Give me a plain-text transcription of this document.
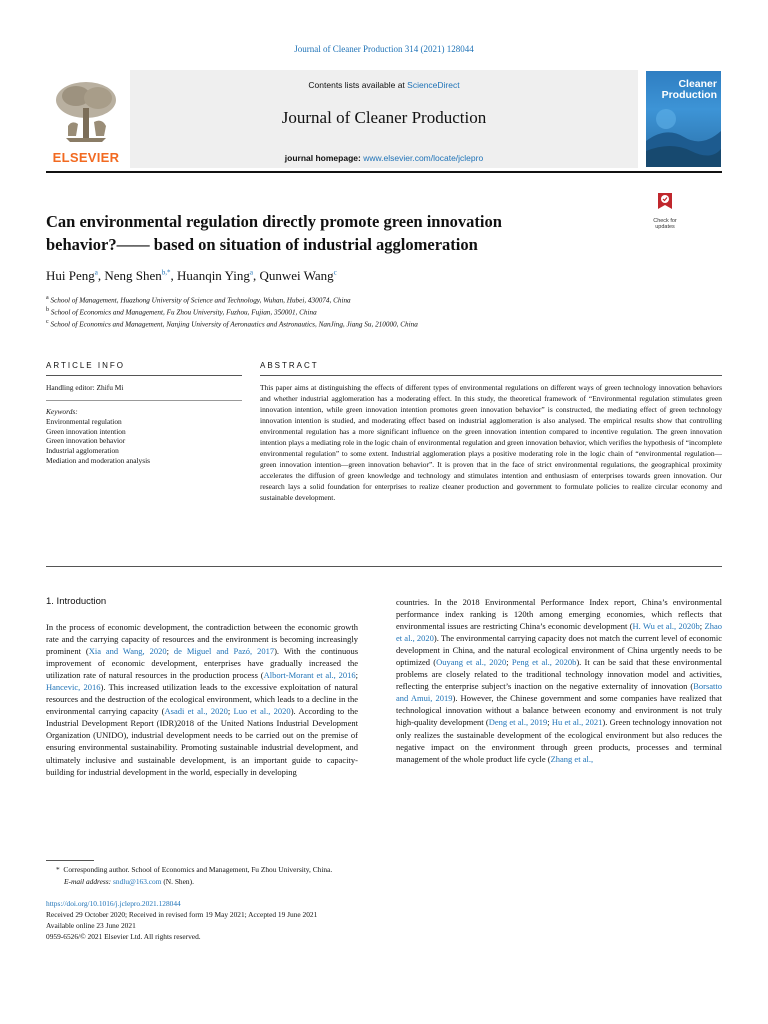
Journal of Cleaner Production 314 (2021) 128044
ELSEVIER
Contents lists available at ScienceDirect
Journal of Cleaner Production
journal homepage: www.elsevier.com/locate/jclepro
Cleaner
Production
Can environmental regulation directly promote green innovation
behavior?—— based on situation of industrial agglomeration
Check for
updates
Hui Peng$^a$, Neng Shen$^{b,*}$, Huanqin Ying$^a$, Qunwei Wang$^c$
$^a$ School of Management, Huazhong University of Science and Technology, Wuhan, Hubei, 430074, China
$^b$ School of Economics and Management, Fu Zhou University, Fuzhou, Fujian, 350001, China
$^c$ School of Economics and Management, Nanjing University of Aeronautics and Astronautics, NanJing, Jiang Su, 210000, China
ARTICLE INFO
Handling editor: Zhifu Mi
Keywords:
Environmental regulation
Green innovation intention
Green innovation behavior
Industrial agglomeration
Mediation and moderation analysis
ABSTRACT
This paper aims at distinguishing the effects of different types of environmental regulations on different ways of green technology innovation behaviors and whether industrial agglomeration has a moderating effect. In this study, the theoretical framework of “Environmental regulation stimulates green innovation intention, while green innovation intention promotes green innovation behavior” is constructed, the mediating effect of green technology innovation intention is studied, and moderating effect based on industrial agglomeration is also analysed. The empirical results show that controlling environmental regulation has a more significant influence on the green innovation intention compared to incentive regulation. The green innovation intention plays a mediating role in the logic chain of environmental regulation and green innovation behavior, which verifies the hypothesis of “incomplete environmental regulation” to some extent. Industrial agglomeration plays a positive moderating role in the logic chain of “environmental regulation—green innovation intention—green innovation behavior”. It is proven that in the face of strict environmental regulations, the geographical proximity accelerates the diffusion of green knowledge and technology and stimulates intention and enthusiasm of enterprises towards green innovation. Our research lays a solid foundation for enterprises to realize cleaner production and government to formulate policies to realize circular economy and sustainable development.
1. Introduction

In the process of economic development, the contradiction between the economic growth rate and the carrying capacity of resources and the environment is becoming increasingly prominent (Xia and Wang, 2020; de Miguel and Pazó, 2017). With the continuous improvement of economic development, enterprises have gradually increased the utilization rate of natural resources in the production process (Albort-Morant et al., 2016; Hancevic, 2016). This increased utilization leads to the excessive exploitation of natural resources and the destruction of the ecological environment, which leads to a decline in the environmental carrying capacity (Asadi et al., 2020; Luo et al., 2020). According to the Industrial Development Report (IDR)2018 of the United Nations Industrial Development Organization (UNIDO), industrial development needs to be carried out on the premise of ensuring environmental sustainability. Promoting sustainable industrial development, and ultimately inclusive and sustainable development, is an important guide to capacity-building for industrial development in the world, especially in developing

countries. In the 2018 Environmental Performance Index report, China’s environmental performance index ranking is 120th among emerging economies, which reflects that environmental issues are restricting China’s economic development (H. Wu et al., 2020b; Zhao et al., 2020). The environmental carrying capacity does not match the current level of economic development in China, and the natural ecological environment of China urgently needs to be optimized (Ouyang et al., 2020; Peng et al., 2020b). It can be said that these environmental problems are closely related to the traditional technology innovation model and activities, reflecting the enterprise subject’s inaction on the negative externality of innovation (Borsatto and Amui, 2019). However, the Chinese government and some companies have realized that technological innovation without a balance between economy and environment is not truly high-quality development (Deng et al., 2019; Hu et al., 2021). Green technology innovation not only realizes the sustainable development of the ecological environment but also reduces the negative impact on the environment through green products, processes and terminal management of the whole product life cycle (Zhang et al.,

*  Corresponding author. School of Economics and Management, Fu Zhou University, China.
E-mail address: sndlu@163.com (N. Shen).
https://doi.org/10.1016/j.jclepro.2021.128044
Received 29 October 2020; Received in revised form 19 May 2021; Accepted 19 June 2021
Available online 23 June 2021
0959-6526/© 2021 Elsevier Ltd. All rights reserved.
